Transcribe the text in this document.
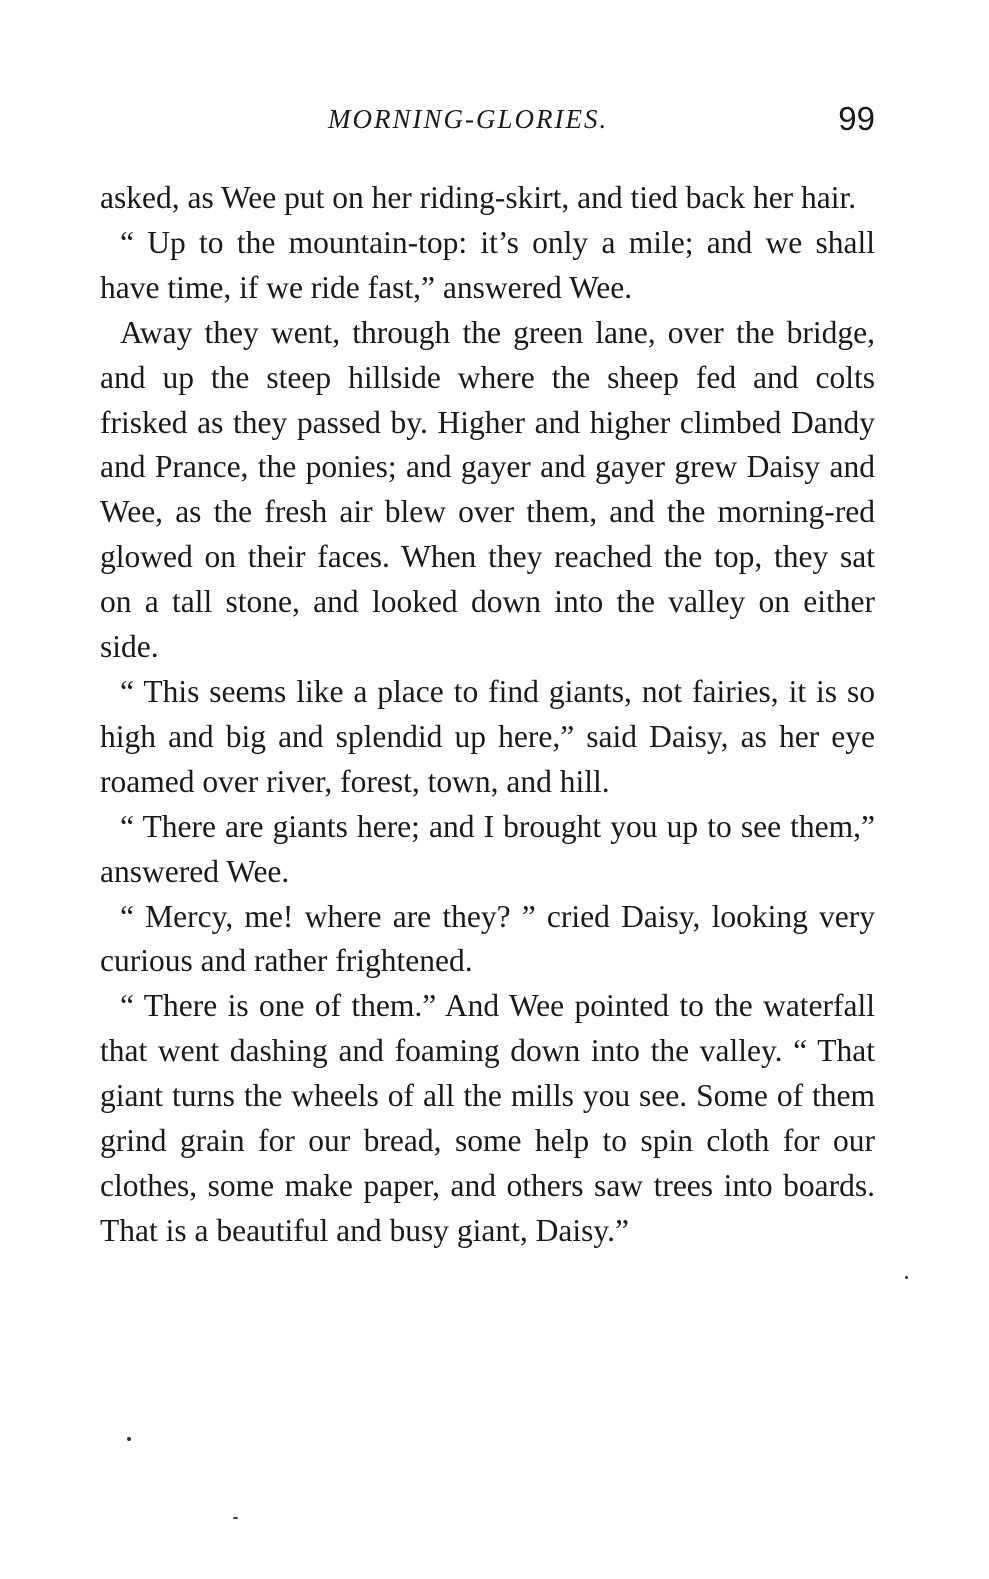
MORNING-GLORIES.	99

asked, as Wee put on her riding-skirt, and tied back her hair.

“ Up to the mountain-top: it’s only a mile; and we shall have time, if we ride fast,” answered Wee.

Away they went, through the green lane, over the bridge, and up the steep hillside where the sheep fed and colts frisked as they passed by. Higher and higher climbed Dandy and Prance, the ponies; and gayer and gayer grew Daisy and Wee, as the fresh air blew over them, and the morning-red glowed on their faces. When they reached the top, they sat on a tall stone, and looked down into the valley on either side.

“ This seems like a place to find giants, not fairies, it is so high and big and splendid up here,” said Daisy, as her eye roamed over river, forest, town, and hill.

“ There are giants here; and I brought you up to see them,” answered Wee.

“ Mercy, me! where are they? ” cried Daisy, looking very curious and rather frightened.

“ There is one of them.” And Wee pointed to the waterfall that went dashing and foaming down into the valley. “ That giant turns the wheels of all the mills you see. Some of them grind grain for our bread, some help to spin cloth for our clothes, some make paper, and others saw trees into boards. That is a beautiful and busy giant, Daisy.”
